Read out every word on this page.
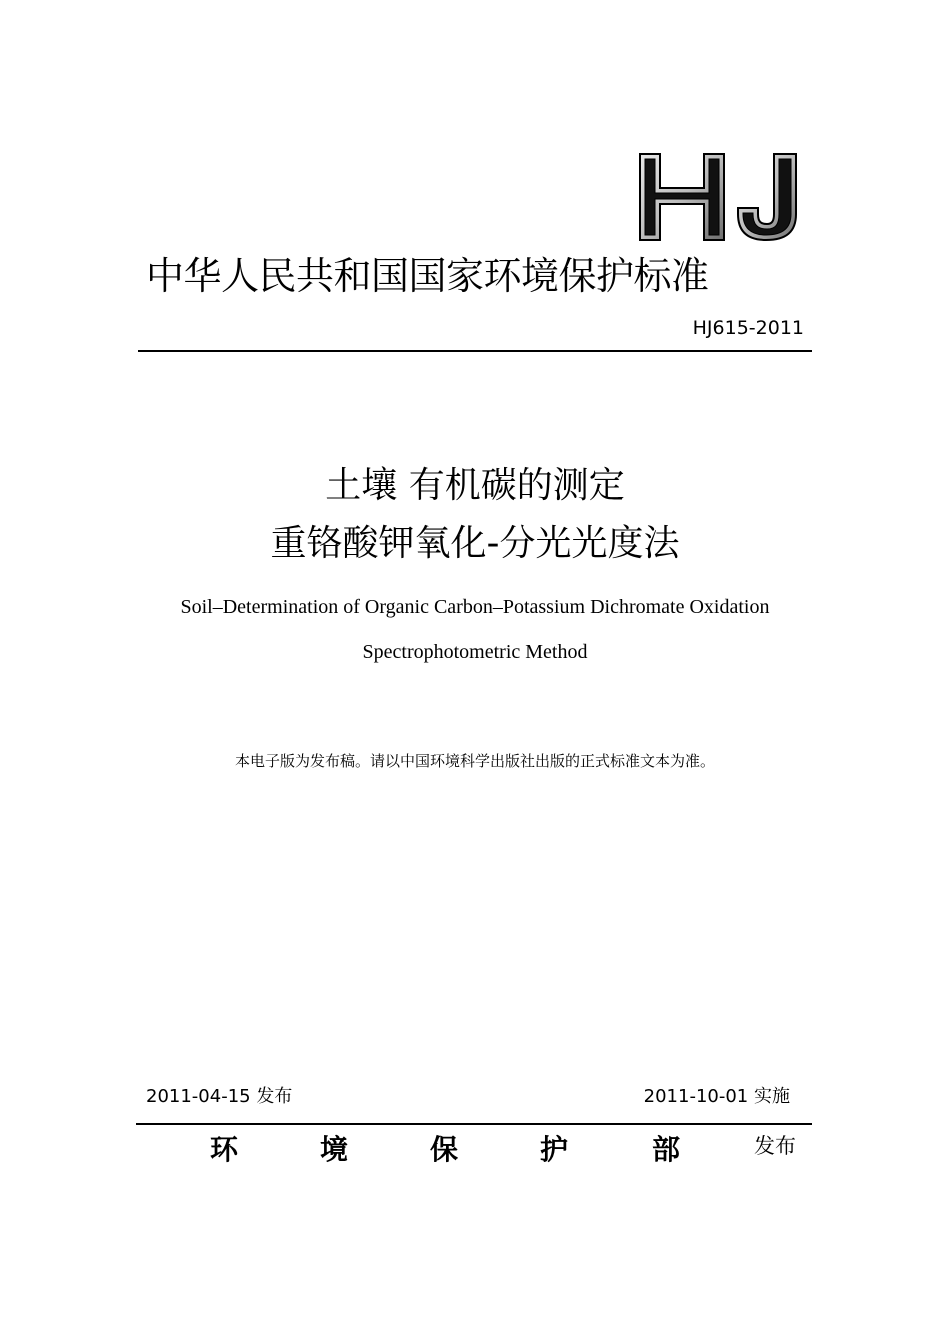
中华人民共和国国家环境保护标准
HJ615-2011
土壤 有机碳的测定
重铬酸钾氧化-分光光度法
Soil–Determination of Organic Carbon–Potassium Dichromate Oxidation
Spectrophotometric Method
本电子版为发布稿。请以中国环境科学出版社出版的正式标准文本为准。
2011-04-15 发布	2011-10-01 实施
环	境	保	护	部	发布
